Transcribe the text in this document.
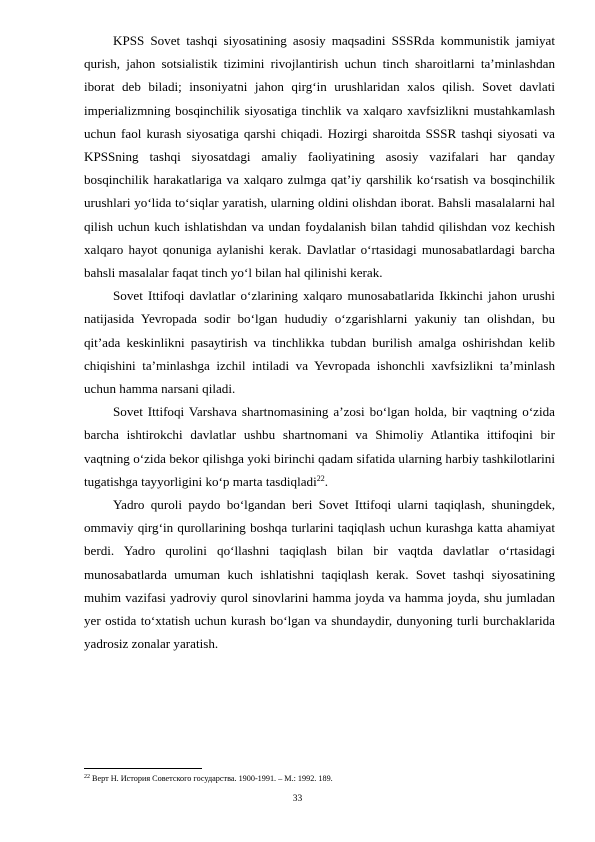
KPSS Sovet tashqi siyosatining asosiy maqsadini SSSRda kommunistik jamiyat qurish, jahon sotsialistik tizimini rivojlantirish uchun tinch sharoitlarni ta’minlashdan iborat deb biladi; insoniyatni jahon qirg‘in urushlaridan xalos qilish. Sovet davlati imperializmning bosqinchilik siyosatiga tinchlik va xalqaro xavfsizlikni mustahkamlash uchun faol kurash siyosatiga qarshi chiqadi. Hozirgi sharoitda SSSR tashqi siyosati va KPSSning tashqi siyosatdagi amaliy faoliyatining asosiy vazifalari har qanday bosqinchilik harakatlariga va xalqaro zulmga qat’iy qarshilik ko‘rsatish va bosqinchilik urushlari yo‘lida to‘siqlar yaratish, ularning oldini olishdan iborat. Bahsli masalalarni hal qilish uchun kuch ishlatishdan va undan foydalanish bilan tahdid qilishdan voz kechish xalqaro hayot qonuniga aylanishi kerak. Davlatlar o‘rtasidagi munosabatlardagi barcha bahsli masalalar faqat tinch yo‘l bilan hal qilinishi kerak.

Sovet Ittifoqi davlatlar o‘zlarining xalqaro munosabatlarida Ikkinchi jahon urushi natijasida Yevropada sodir bo‘lgan hududiy o‘zgarishlarni yakuniy tan olishdan, bu qit’ada keskinlikni pasaytirish va tinchlikka tubdan burilish amalga oshirishdan kelib chiqishini ta’minlashga izchil intiladi va Yevropada ishonchli xavfsizlikni ta’minlash uchun hamma narsani qiladi.

Sovet Ittifoqi Varshava shartnomasining a’zosi bo‘lgan holda, bir vaqtning o‘zida barcha ishtirokchi davlatlar ushbu shartnomani va Shimoliy Atlantika ittifoqini bir vaqtning o‘zida bekor qilishga yoki birinchi qadam sifatida ularning harbiy tashkilotlarini tugatishga tayyorligini ko‘p marta tasdiqladi$^{22}$.

Yadro quroli paydo bo‘lgandan beri Sovet Ittifoqi ularni taqiqlash, shuningdek, ommaviy qirg‘in qurollarining boshqa turlarini taqiqlash uchun kurashga katta ahamiyat berdi. Yadro qurolini qo‘llashni taqiqlash bilan bir vaqtda davlatlar o‘rtasidagi munosabatlarda umuman kuch ishlatishni taqiqlash kerak. Sovet tashqi siyosatining muhim vazifasi yadroviy qurol sinovlarini hamma joyda va hamma joyda, shu jumladan yer ostida to‘xtatish uchun kurash bo‘lgan va shundaydir, dunyoning turli burchaklarida yadrosiz zonalar yaratish.

$^{22}$ Верт Н. История Советского государства. 1900-1991. – М.: 1992. 189.
33
